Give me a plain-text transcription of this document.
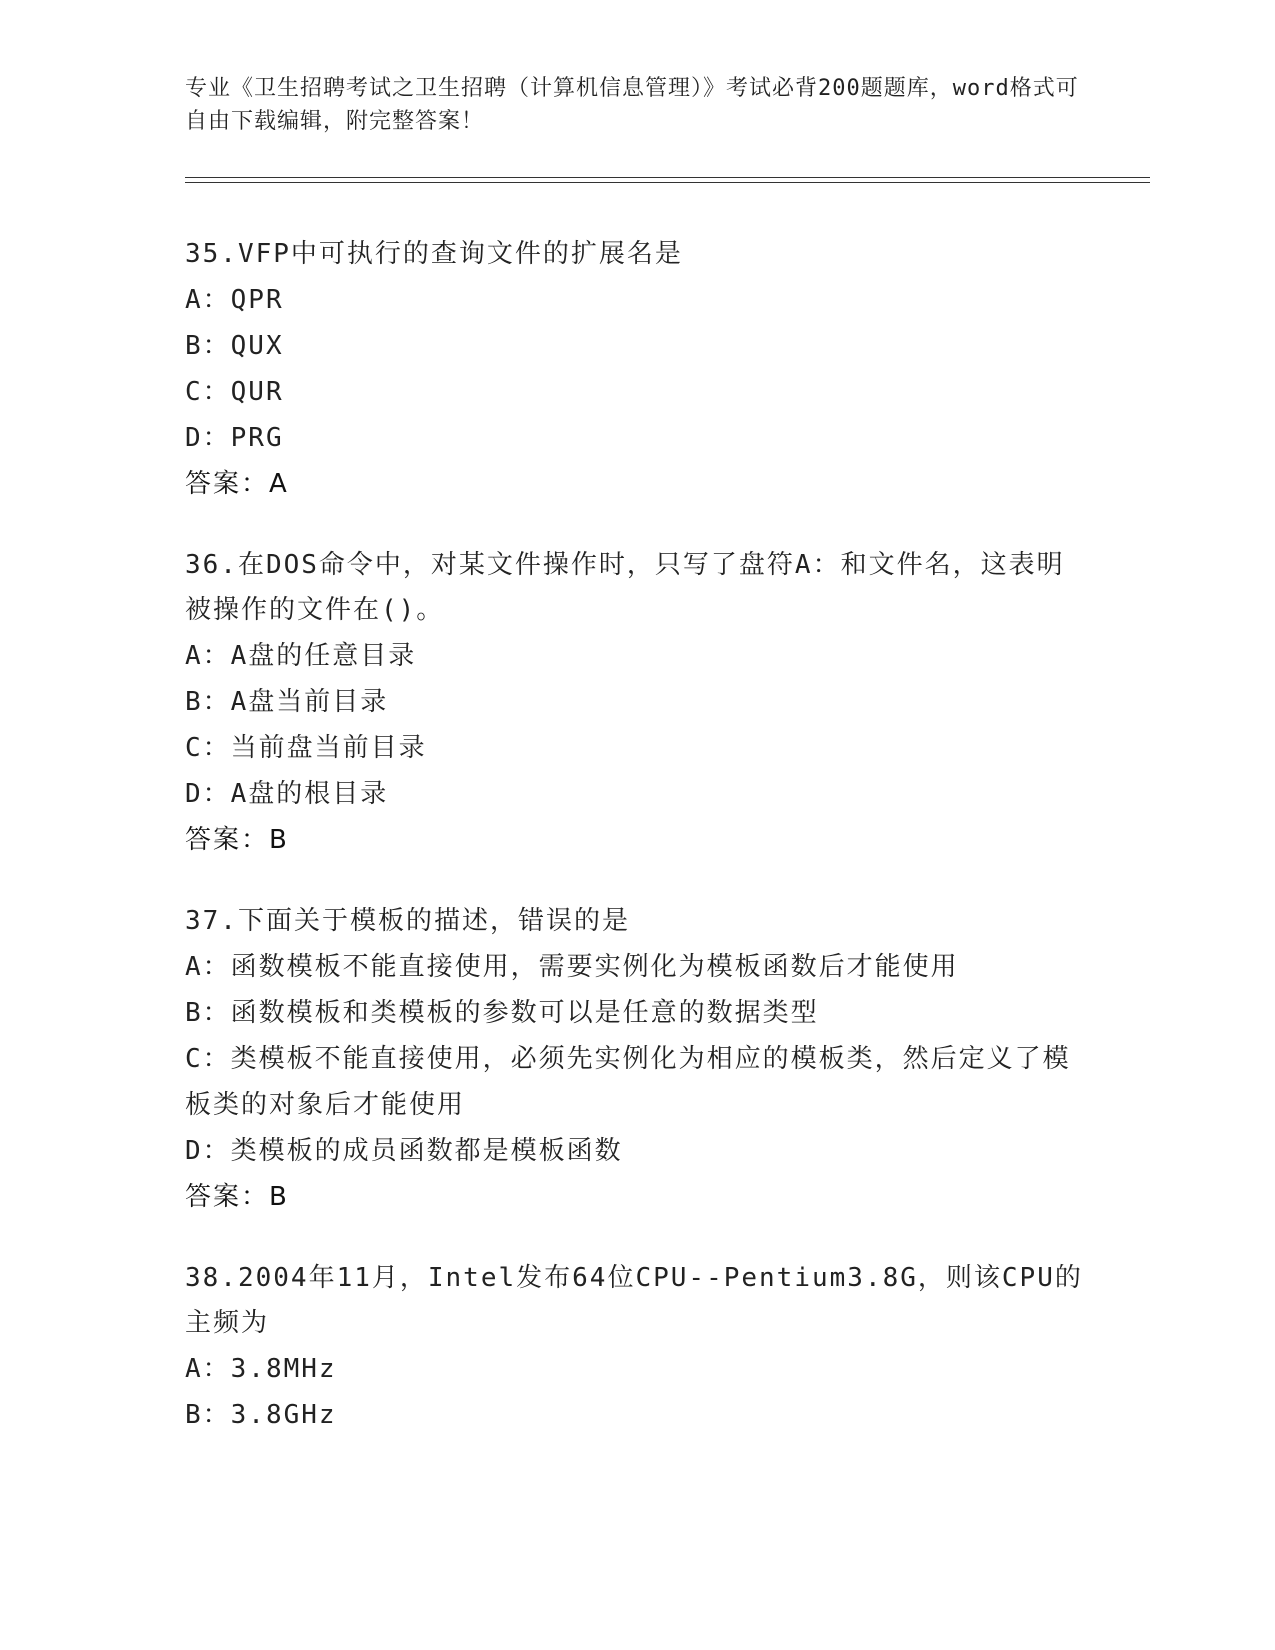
专业《卫生招聘考试之卫生招聘（计算机信息管理）》考试必背200题题库，word格式可自由下载编辑，附完整答案！
35.VFP中可执行的查询文件的扩展名是
A：QPR
B：QUX
C：QUR
D：PRG
答案：A
36.在DOS命令中，对某文件操作时，只写了盘符A：和文件名，这表明被操作的文件在()。
A：A盘的任意目录
B：A盘当前目录
C：当前盘当前目录
D：A盘的根目录
答案：B
37.下面关于模板的描述，错误的是
A：函数模板不能直接使用，需要实例化为模板函数后才能使用
B：函数模板和类模板的参数可以是任意的数据类型
C：类模板不能直接使用，必须先实例化为相应的模板类，然后定义了模板类的对象后才能使用
D：类模板的成员函数都是模板函数
答案：B
38.2004年11月，Intel发布64位CPU--Pentium3.8G，则该CPU的主频为
A：3.8MHz
B：3.8GHz
